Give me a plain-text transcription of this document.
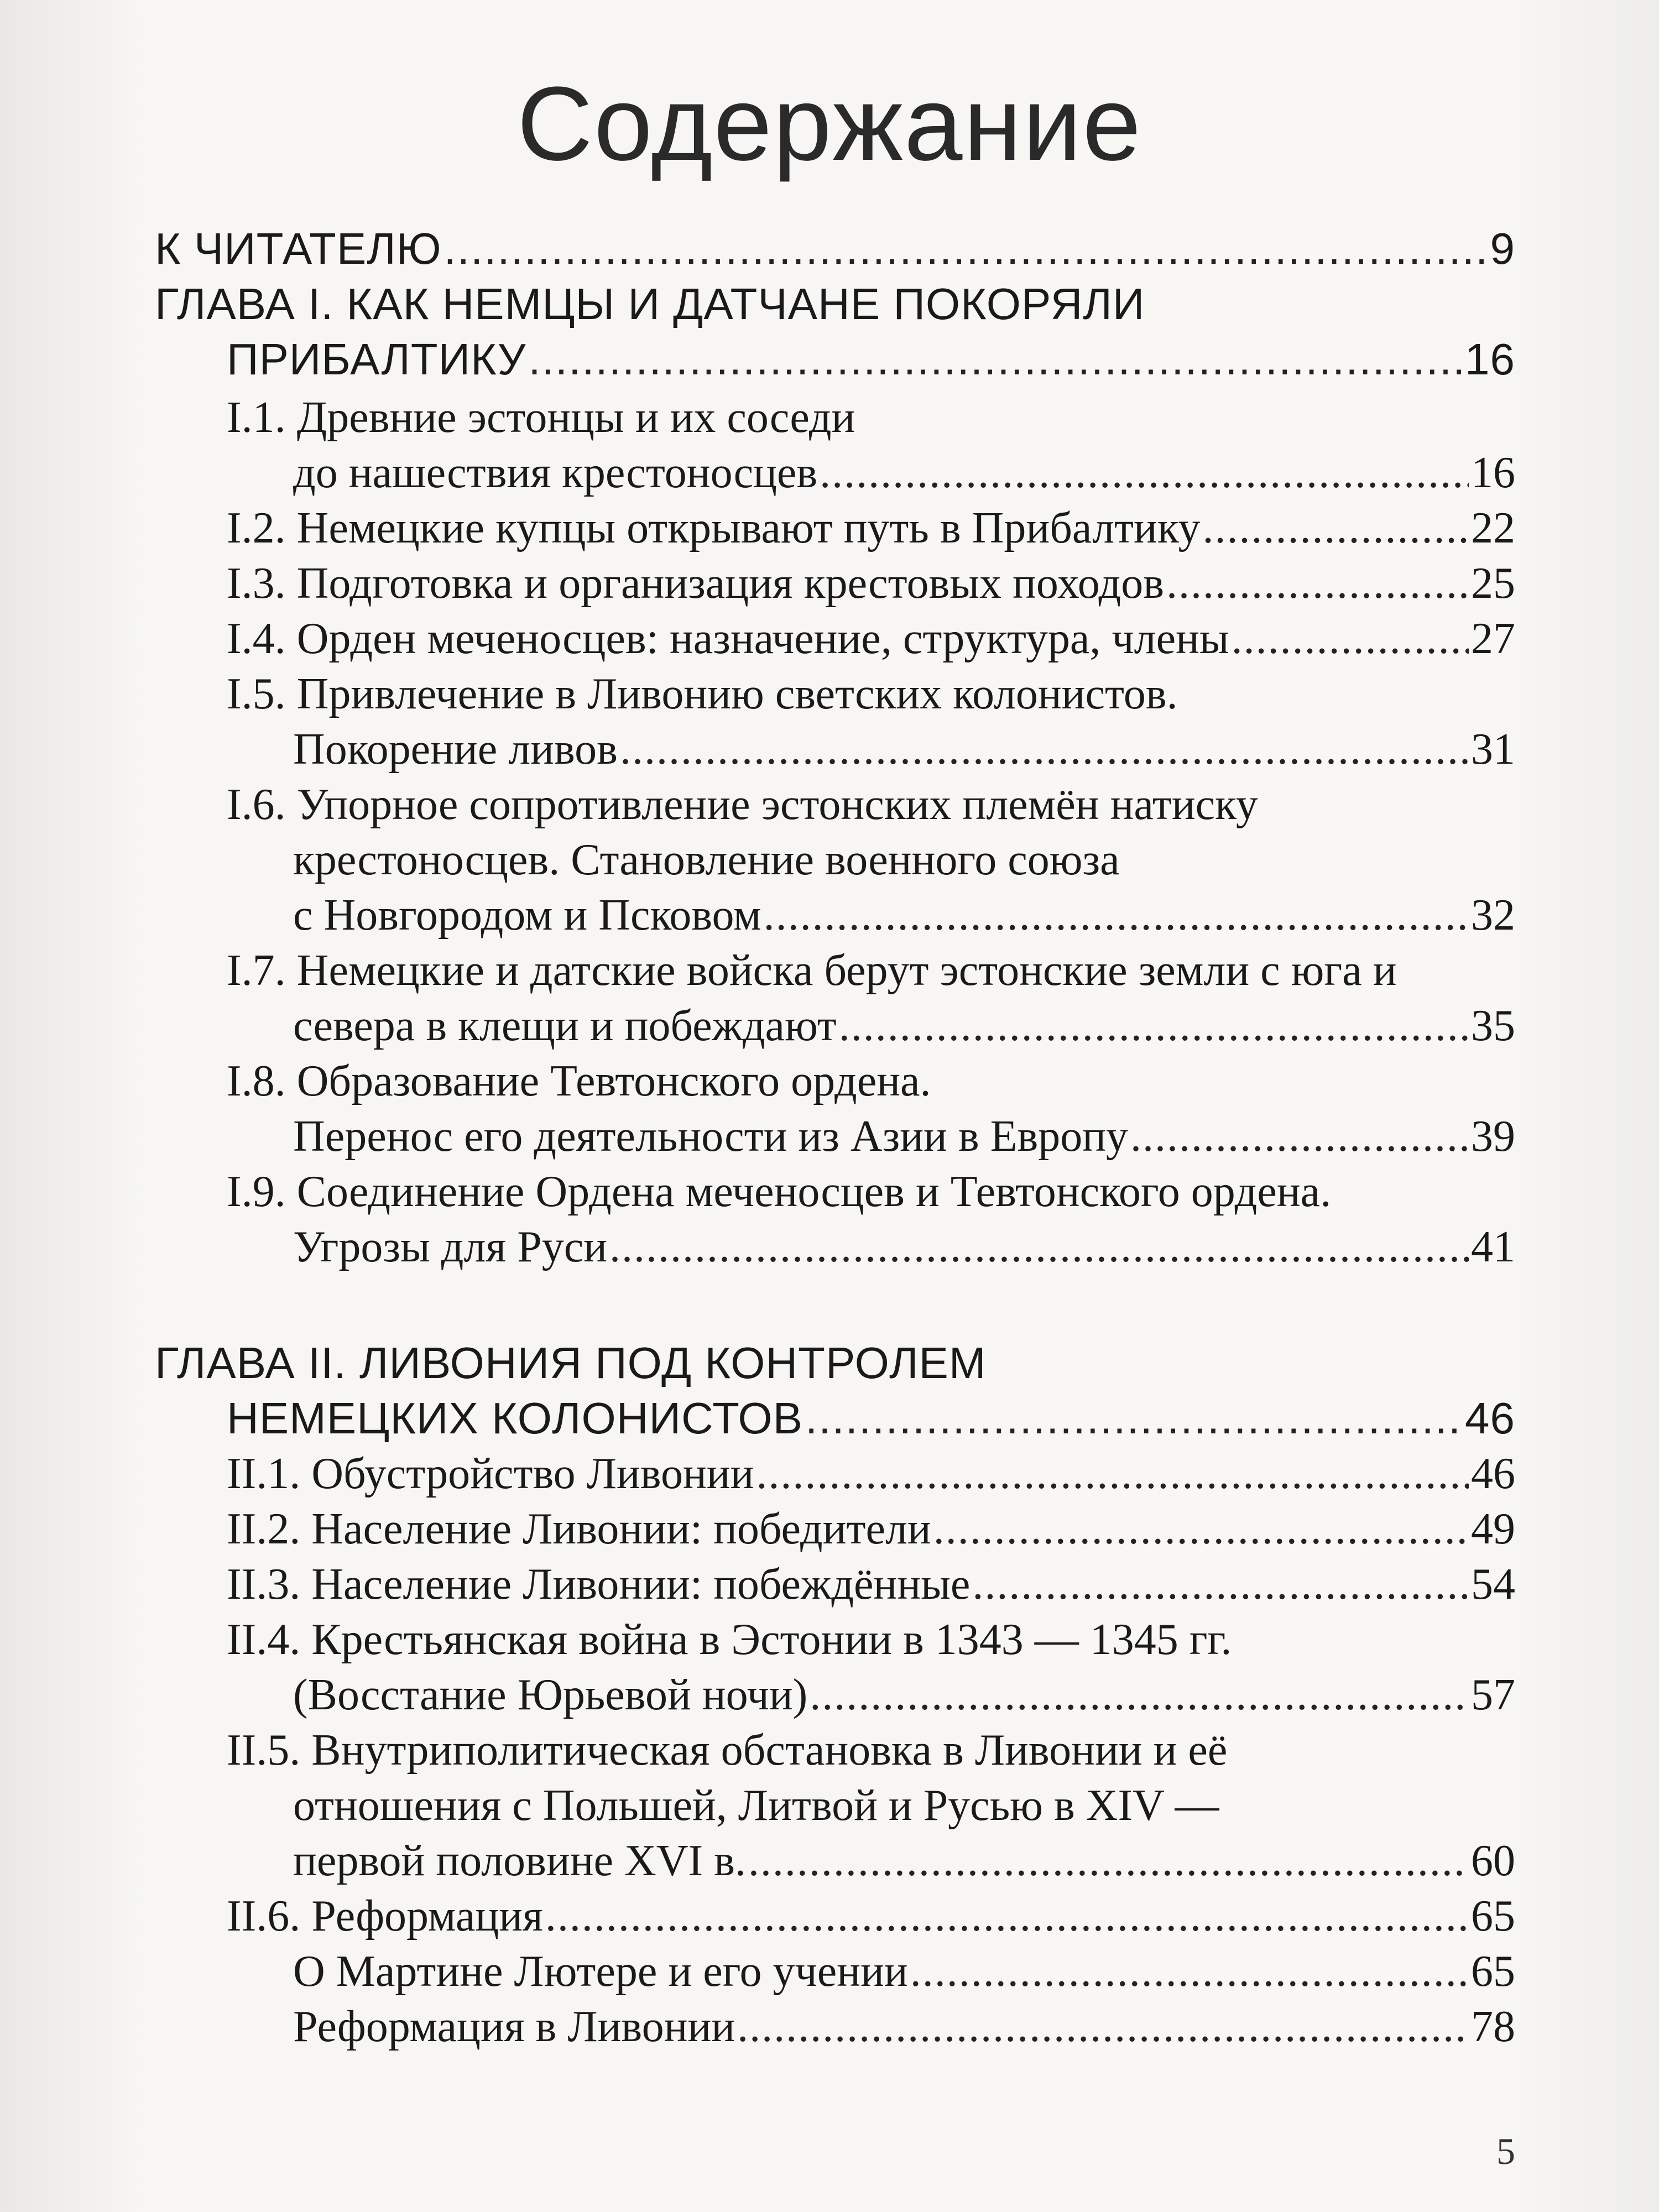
Содержание
К ЧИТАТЕЛЮ .....	9
ГЛАВА I. КАК НЕМЦЫ И ДАТЧАНЕ ПОКОРЯЛИ
ПРИБАЛТИКУ .....	16
I.1. Древние эстонцы и их соседи
до нашествия крестоносцев .....	16
I.2. Немецкие купцы открывают путь в Прибалтику .....	22
I.3. Подготовка и организация крестовых походов .....	25
I.4. Орден меченосцев: назначение, структура, члены .....	27
I.5. Привлечение в Ливонию светских колонистов.
Покорение ливов .....	31
I.6. Упорное сопротивление эстонских племён натиску
крестоносцев. Становление военного союза
с Новгородом и Псковом .....	32
I.7. Немецкие и датские войска берут эстонские земли с юга и
севера в клещи и побеждают .....	35
I.8. Образование Тевтонского ордена.
Перенос его деятельности из Азии в Европу .....	39
I.9. Соединение Ордена меченосцев и Тевтонского ордена.
Угрозы для Руси .....	41
ГЛАВА II. ЛИВОНИЯ ПОД КОНТРОЛЕМ
НЕМЕЦКИХ КОЛОНИСТОВ .....	46
II.1. Обустройство Ливонии .....	46
II.2. Население Ливонии: победители .....	49
II.3. Население Ливонии: побеждённые .....	54
II.4. Крестьянская война в Эстонии в 1343 — 1345 гг.
(Восстание Юрьевой ночи) .....	57
II.5. Внутриполитическая обстановка в Ливонии и её
отношения с Польшей, Литвой и Русью в XIV —
первой половине XVI в. .....	60
II.6. Реформация .....	65
О Мартине Лютере и его учении .....	65
Реформация в Ливонии .....	78
5
